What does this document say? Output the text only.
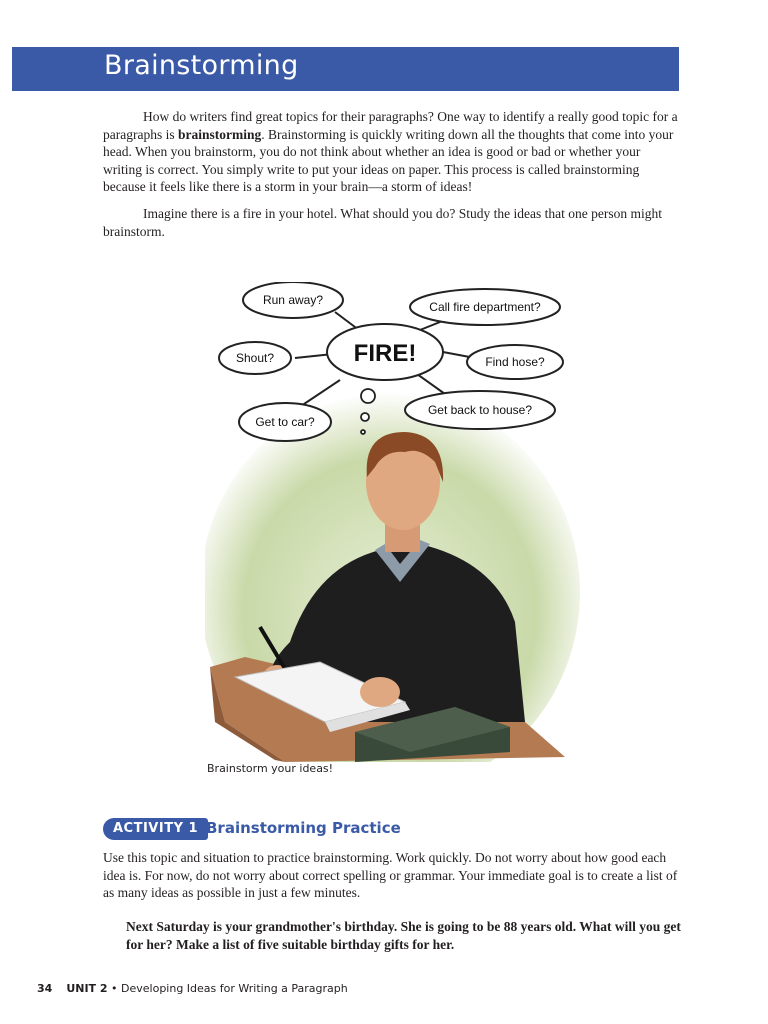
Brainstorming

How do writers find great topics for their paragraphs? One way to identify a really good topic for a paragraphs is brainstorming. Brainstorming is quickly writing down all the thoughts that come into your head. When you brainstorm, you do not think about whether an idea is good or bad or whether your writing is correct. You simply write to put your ideas on paper. This process is called brainstorming because it feels like there is a storm in your brain—a storm of ideas!

Imagine there is a fire in your hotel. What should you do? Study the ideas that one person might brainstorm.

Run away?	Call fire department?
Shout?	Find hose?
Get to car?
Get back to house?
FIRE!
Brainstorm your ideas!
ACTIVITY 1 Brainstorming Practice

Use this topic and situation to practice brainstorming. Work quickly. Do not worry about how good each idea is. For now, do not worry about correct spelling or grammar. Your immediate goal is to create a list of as many ideas as possible in just a few minutes.

Next Saturday is your grandmother's birthday. She is going to be 88 years old. What will you get for her? Make a list of five suitable birthday gifts for her.

34 UNIT 2 • Developing Ideas for Writing a Paragraph
